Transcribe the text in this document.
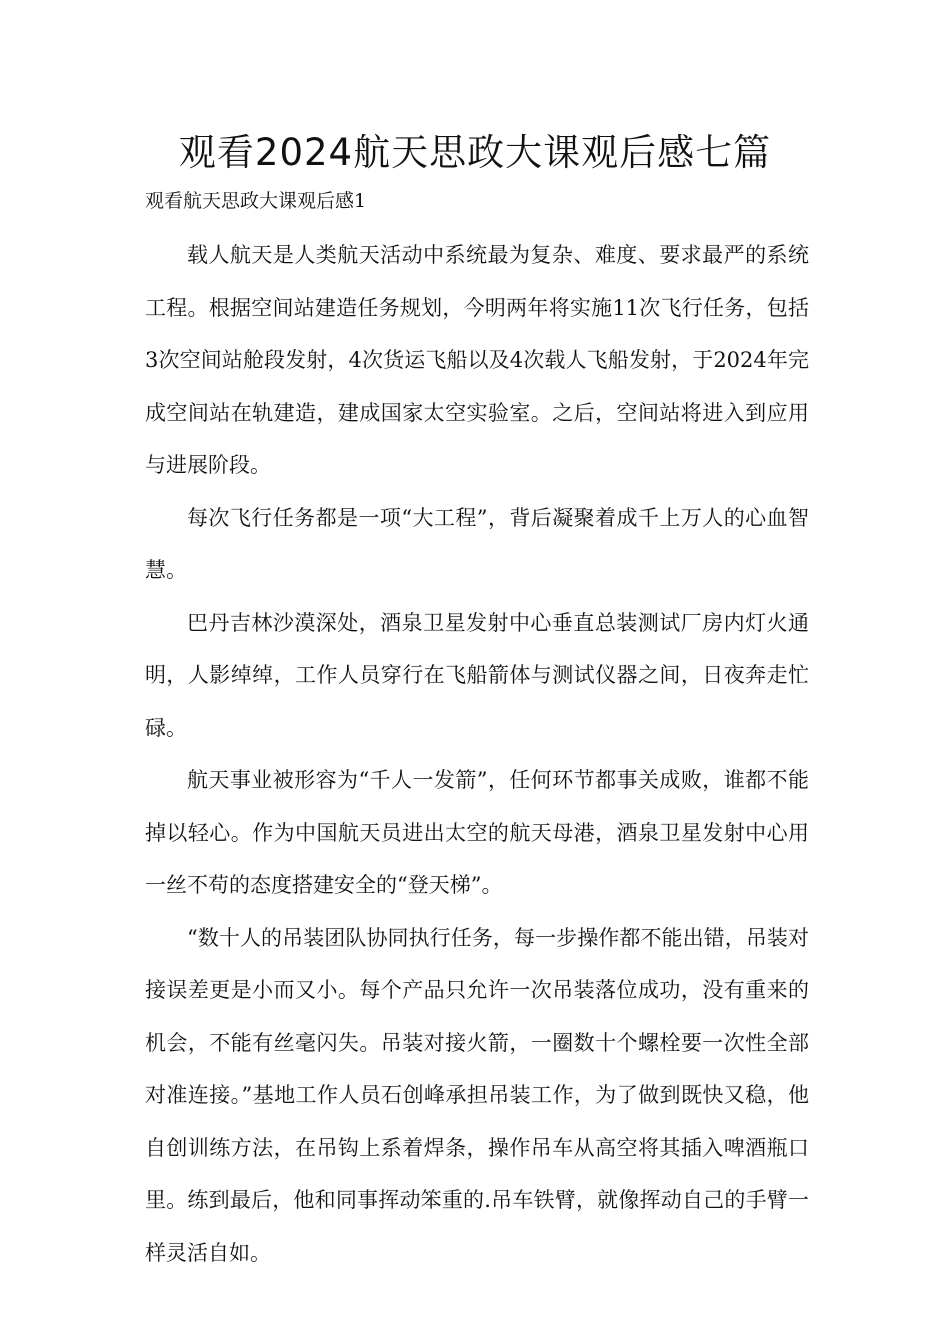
观看2024航天思政大课观后感七篇

观看航天思政大课观后感1

载人航天是人类航天活动中系统最为复杂、难度、要求最严的系统工程。根据空间站建造任务规划，今明两年将实施11次飞行任务，包括3次空间站舱段发射，4次货运飞船以及4次载人飞船发射，于2024年完成空间站在轨建造，建成国家太空实验室。之后，空间站将进入到应用与进展阶段。

每次飞行任务都是一项“大工程”，背后凝聚着成千上万人的心血智慧。

巴丹吉林沙漠深处，酒泉卫星发射中心垂直总装测试厂房内灯火通明，人影绰绰，工作人员穿行在飞船箭体与测试仪器之间，日夜奔走忙碌。

航天事业被形容为“千人一发箭”，任何环节都事关成败，谁都不能掉以轻心。作为中国航天员进出太空的航天母港，酒泉卫星发射中心用一丝不苟的态度搭建安全的“登天梯”。

“数十人的吊装团队协同执行任务，每一步操作都不能出错，吊装对接误差更是小而又小。每个产品只允许一次吊装落位成功，没有重来的机会，不能有丝毫闪失。吊装对接火箭，一圈数十个螺栓要一次性全部对准连接。”基地工作人员石创峰承担吊装工作，为了做到既快又稳，他自创训练方法，在吊钩上系着焊条，操作吊车从高空将其插入啤酒瓶口里。练到最后，他和同事挥动笨重的.吊车铁臂，就像挥动自己的手臂一样灵活自如。
